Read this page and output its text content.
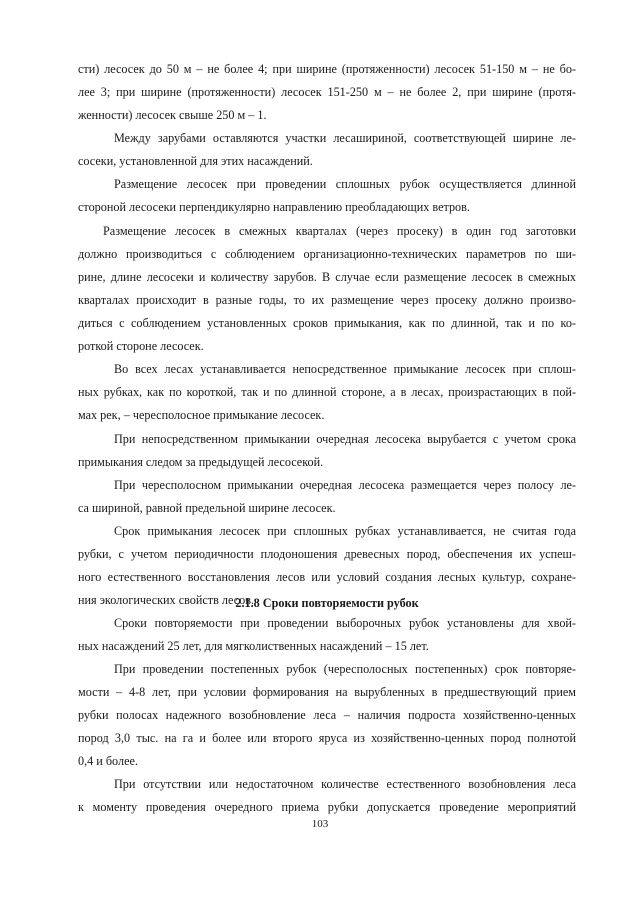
сти) лесосек до 50 м – не более 4; при ширине (протяженности) лесосек 51-150 м – не бо-
лее 3; при ширине (протяженности) лесосек 151-250 м – не более 2, при ширине (протя-
женности) лесосек свыше 250 м – 1.
Между зарубами оставляются участки лесашириной, соответствующей ширине ле-
сосеки, установленной для этих насаждений.
Размещение лесосек при проведении сплошных рубок осуществляется длинной
стороной лесосеки перпендикулярно направлению преобладающих ветров.
Размещение лесосек в смежных кварталах (через просеку) в один год заготовки
должно производиться с соблюдением организационно-технических параметров по ши-
рине, длине лесосеки и количеству зарубов. В случае если размещение лесосек в смежных
кварталах происходит в разные годы, то их размещение через просеку должно произво-
диться с соблюдением установленных сроков примыкания, как по длинной, так и по ко-
роткой стороне лесосек.
Во всех лесах устанавливается непосредственное примыкание лесосек при сплош-
ных рубках, как по короткой, так и по длинной стороне, а в лесах, произрастающих в пой-
мах рек, – чересполосное примыкание лесосек.
При непосредственном примыкании очередная лесосека вырубается с учетом срока
примыкания следом за предыдущей лесосекой.
При чересполосном примыкании очередная лесосека размещается через полосу ле-
са шириной, равной предельной ширине лесосек.
Срок примыкания лесосек при сплошных рубках устанавливается, не считая года
рубки, с учетом периодичности плодоношения древесных пород, обеспечения их успеш-
ного естественного восстановления лесов или условий создания лесных культур, сохране-
ния экологических свойств лесов.
2.1.8 Сроки повторяемости рубок
Сроки повторяемости при проведении выборочных рубок установлены для хвой-
ных насаждений 25 лет, для мягколиственных насаждений – 15 лет.
При проведении постепенных рубок (чересполосных постепенных) срок повторяе-
мости – 4-8 лет, при условии формирования на вырубленных в предшествующий прием
рубки полосах надежного возобновление леса – наличия подроста хозяйственно-ценных
пород 3,0 тыс. на га и более или второго яруса из хозяйственно-ценных пород полнотой
0,4 и более.
При отсутствии или недостаточном количестве естественного возобновления леса
к моменту проведения очередного приема рубки допускается проведение мероприятий
103
